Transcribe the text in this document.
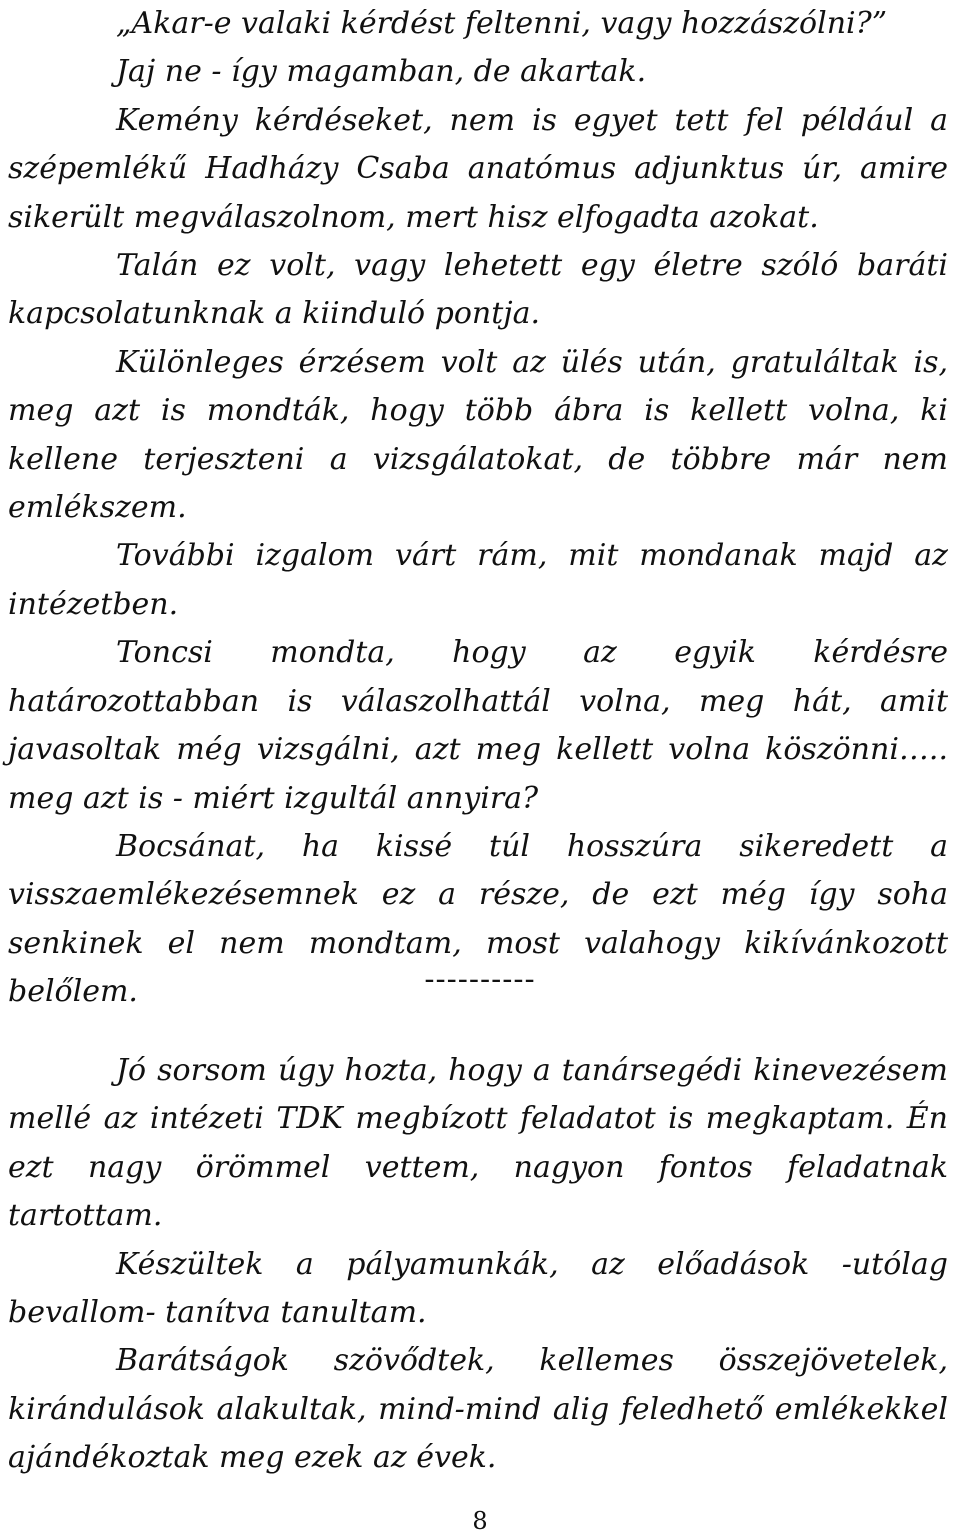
„Akar-e valaki kérdést feltenni, vagy hozzászólni?”

Jaj ne - így magamban, de akartak.

Kemény kérdéseket, nem is egyet tett fel például a szépemlékű Hadházy Csaba anatómus adjunktus úr, amire sikerült megválaszolnom, mert hisz elfogadta azokat.

Talán ez volt, vagy lehetett egy életre szóló baráti kapcsolatunknak a kiinduló pontja.

Különleges érzésem volt az ülés után, gratuláltak is, meg azt is mondták, hogy több ábra is kellett volna, ki kellene terjeszteni a vizsgálatokat, de többre már nem emlékszem.

További izgalom várt rám, mit mondanak majd az intézetben.

Toncsi mondta, hogy az egyik kérdésre határozottabban is válaszolhattál volna, meg hát, amit javasoltak még vizsgálni, azt meg kellett volna köszönni….. meg azt is - miért izgultál annyira?

Bocsánat, ha kissé túl hosszúra sikeredett a visszaemlékezésemnek ez a része, de ezt még így soha senkinek el nem mondtam, most valahogy kikívánkozott belőlem.	----------

Jó sorsom úgy hozta, hogy a tanársegédi kinevezésem mellé az intézeti TDK megbízott feladatot is megkaptam. Én ezt nagy örömmel vettem, nagyon fontos feladatnak tartottam.

Készültek a pályamunkák, az előadások -utólag bevallom- tanítva tanultam.

Barátságok szövődtek, kellemes összejövetelek, kirándulások alakultak, mind-mind alig feledhető emlékekkel ajándékoztak meg ezek az évek.

8
